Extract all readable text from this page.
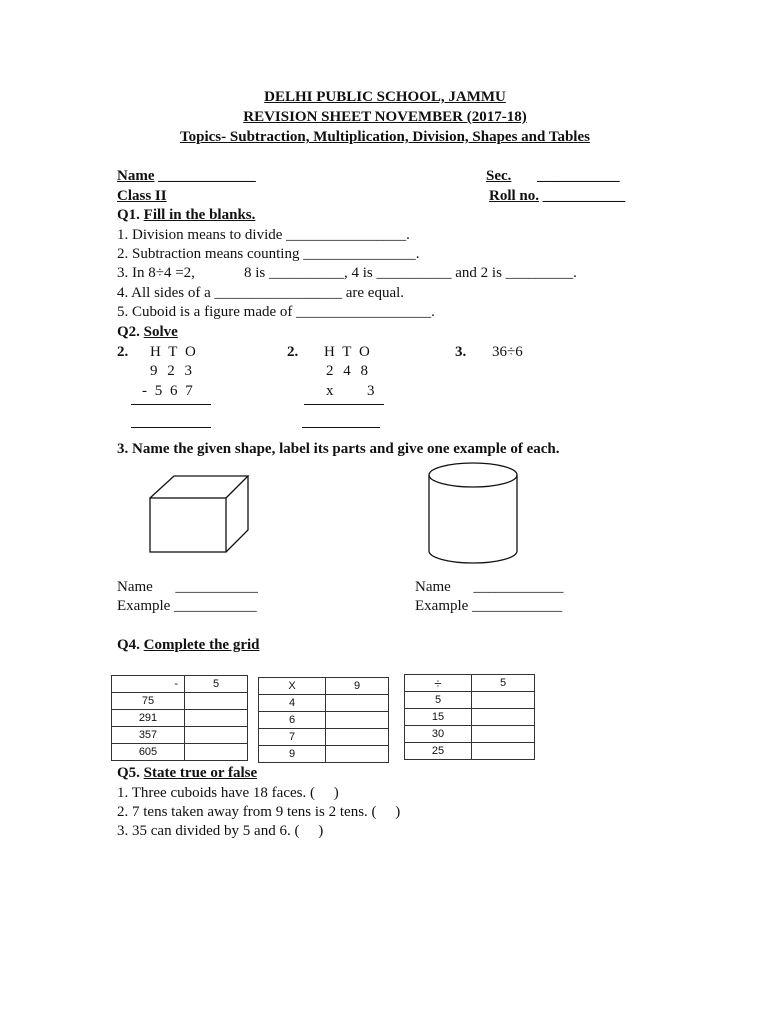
DELHI PUBLIC SCHOOL, JAMMU
REVISION SHEET NOVEMBER (2017-18)
Topics- Subtraction, Multiplication, Division, Shapes and Tables
Name _____________	Sec. ___________
Class II	Roll no. ___________
Q1. Fill in the blanks.
1. Division means to divide ________________.
2. Subtraction means counting _______________.
3. In 8÷4 =2,	8 is __________, 4 is __________ and 2 is _________.
4. All sides of a _________________ are equal.
5. Cuboid is a figure made of __________________.
Q2. Solve
2. H T O
9 2 3
- 5 6 7
2. H T O
2 4 8
x 3
3. 36÷6
3. Name the given shape, label its parts and give one example of each.
Name      ___________
Example ___________
Name      ____________
Example ____________
Q4. Complete the grid
-	5
75	
291	
357	
605	
X	9
4	
6	
7	
9	
÷	5
5	
15	
30	
25	
Q5. State true or false
1. Three cuboids have 18 faces. (     )
2. 7 tens taken away from 9 tens is 2 tens. (     )
3. 35 can divided by 5 and 6. (     )
